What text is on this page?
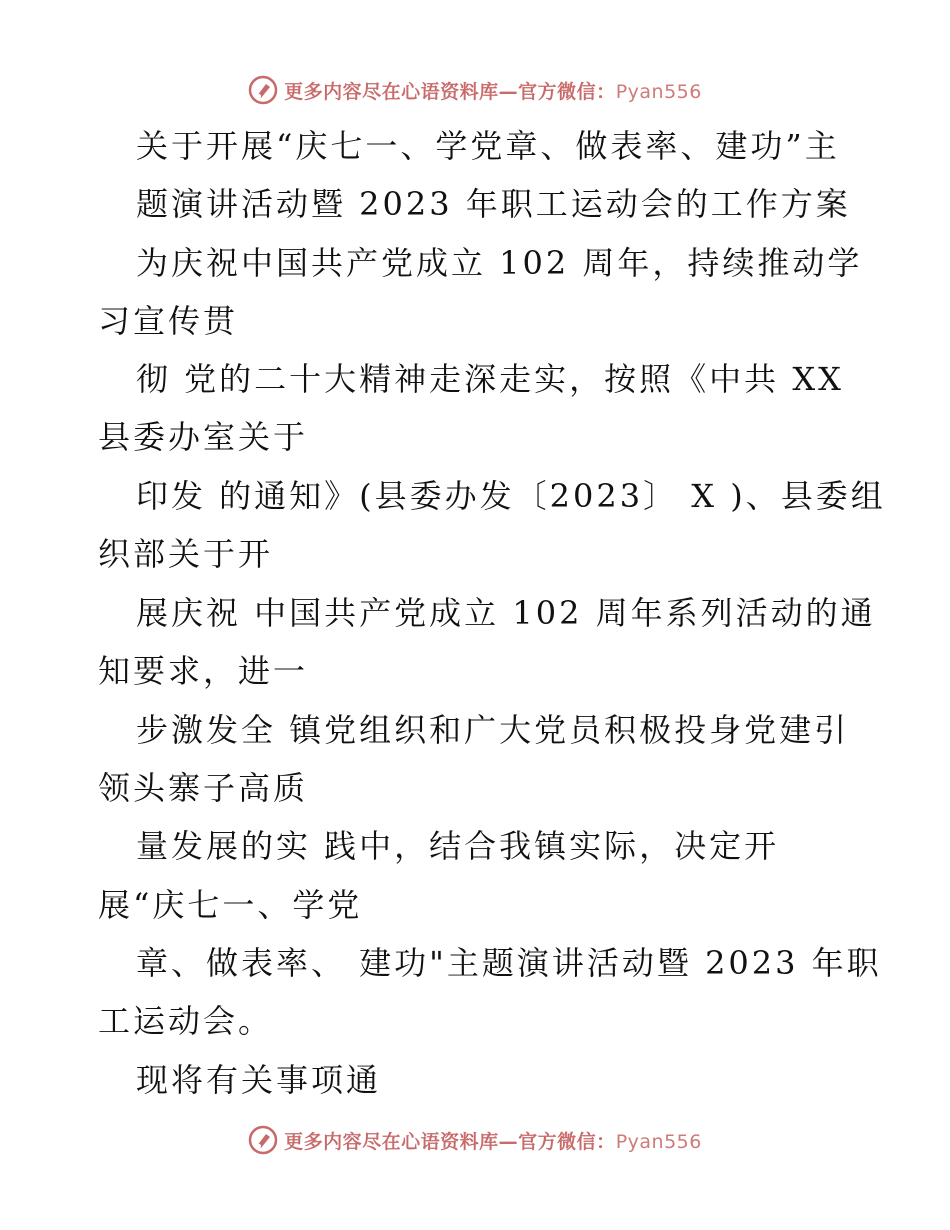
更多内容尽在心语资料库—官方微信：Pyan556
关于开展“庆七一、学党章、做表率、建功”主
题演讲活动暨 2023 年职工运动会的工作方案
为庆祝中国共产党成立 102 周年，持续推动学
习宣传贯
彻 党的二十大精神走深走实，按照《中共 XX
县委办室关于
印发 的通知》(县委办发〔2023〕 X )、县委组
织部关于开
展庆祝 中国共产党成立 102 周年系列活动的通
知要求，进一
步激发全 镇党组织和广大党员积极投身党建引
领头寨子高质
量发展的实 践中，结合我镇实际，决定开
展“庆七一、学党
章、做表率、 建功"主题演讲活动暨 2023 年职
工运动会。
现将有关事项通
更多内容尽在心语资料库—官方微信：Pyan556
